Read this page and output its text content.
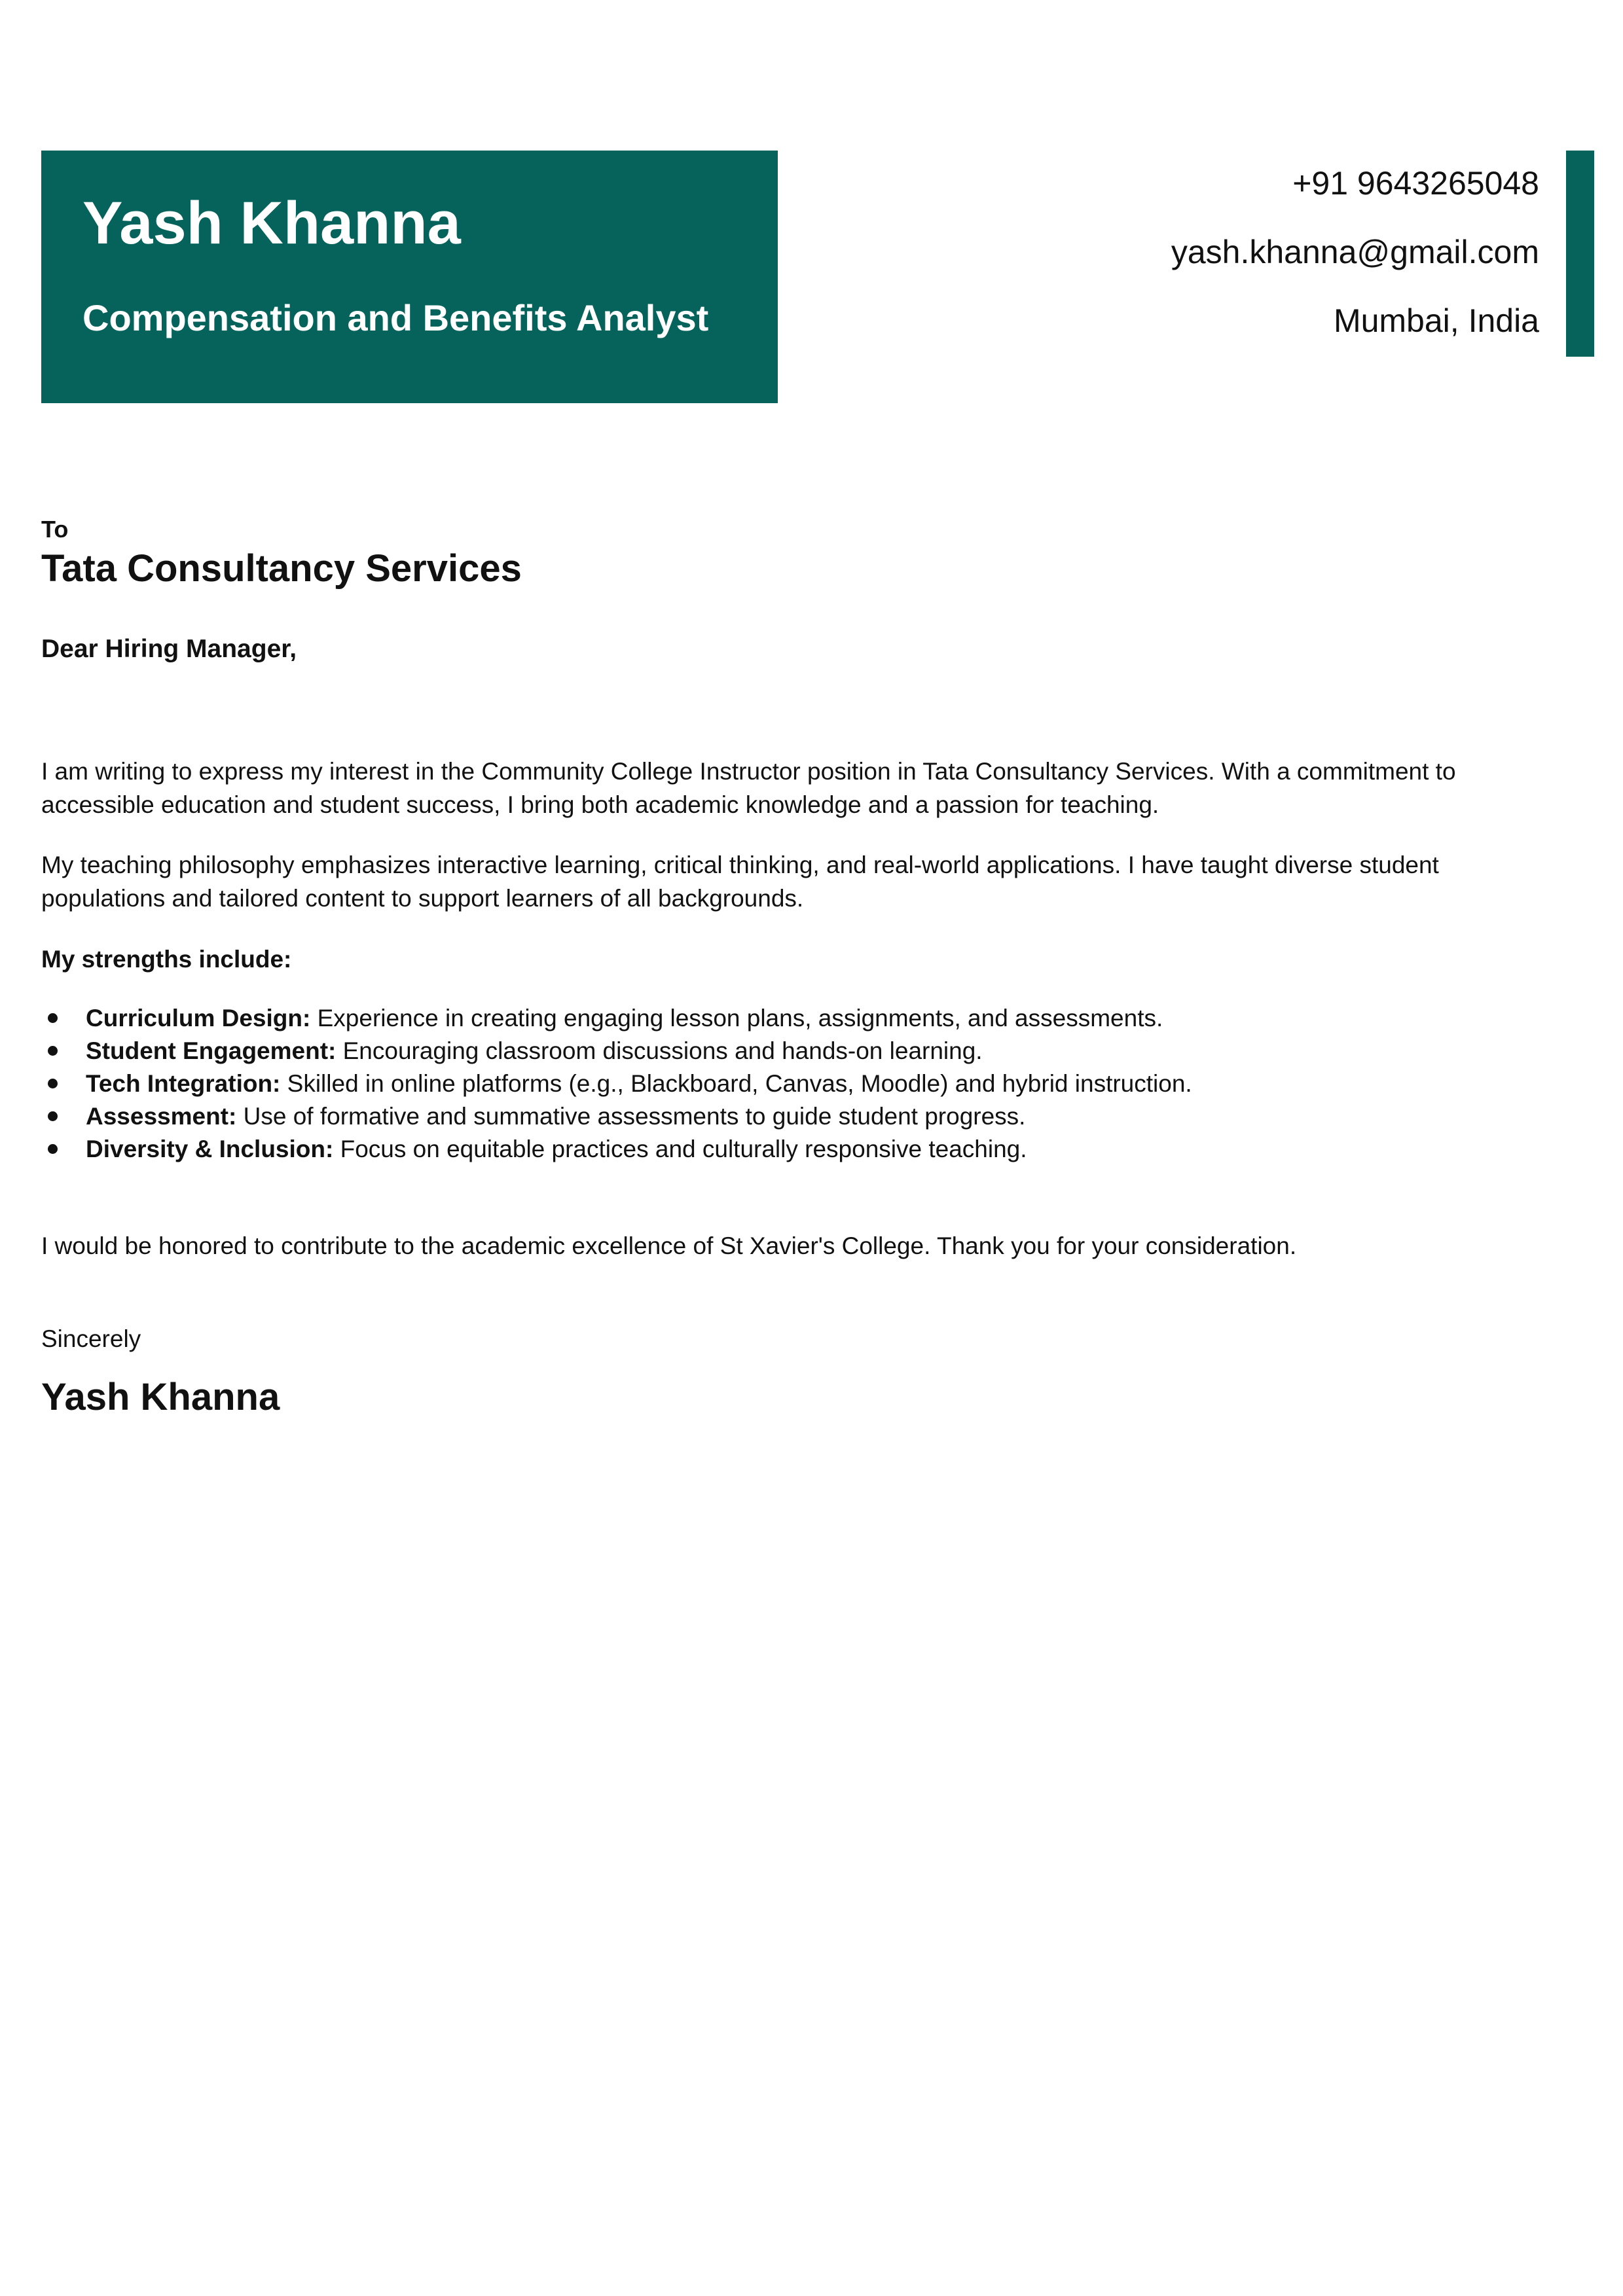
Yash Khanna
Compensation and Benefits Analyst
+91 9643265048
yash.khanna@gmail.com
Mumbai, India
To
Tata Consultancy Services
Dear Hiring Manager,

I am writing to express my interest in the Community College Instructor position in Tata Consultancy Services. With a commitment to accessible education and student success, I bring both academic knowledge and a passion for teaching.

My teaching philosophy emphasizes interactive learning, critical thinking, and real-world applications. I have taught diverse student populations and tailored content to support learners of all backgrounds.

My strengths include:
Curriculum Design: Experience in creating engaging lesson plans, assignments, and assessments.
Student Engagement: Encouraging classroom discussions and hands-on learning.
Tech Integration: Skilled in online platforms (e.g., Blackboard, Canvas, Moodle) and hybrid instruction.
Assessment: Use of formative and summative assessments to guide student progress.
Diversity & Inclusion: Focus on equitable practices and culturally responsive teaching.

I would be honored to contribute to the academic excellence of St Xavier's College. Thank you for your consideration.

Sincerely
Yash Khanna
